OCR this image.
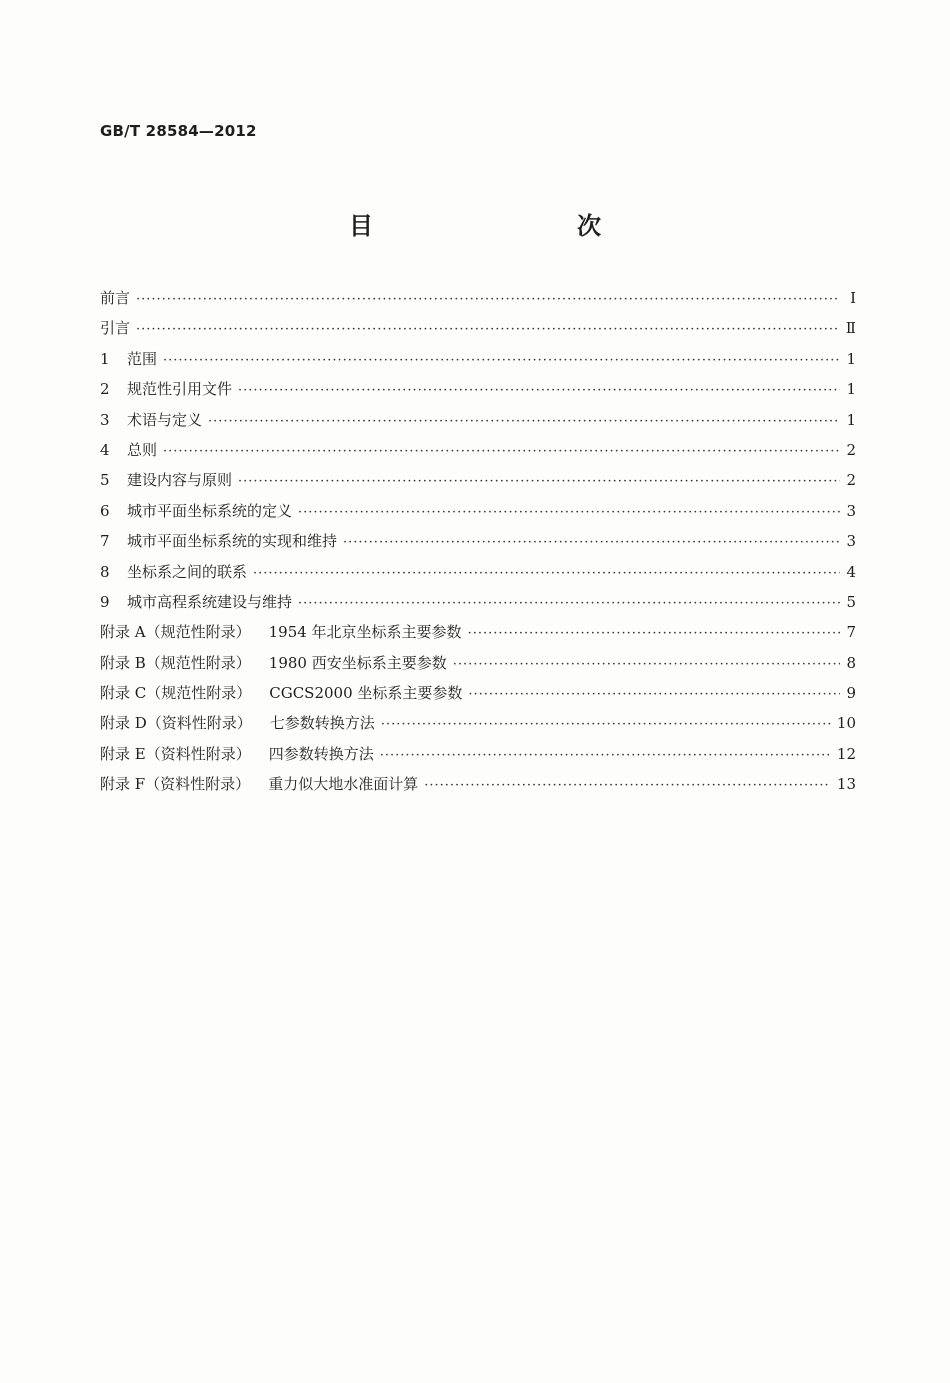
GB/T 28584—2012
目　　次
前言 ·····	Ⅰ
引言 ·····	Ⅱ
1	范围 ·····	1
2	规范性引用文件 ·····	1
3	术语与定义 ·····	1
4	总则 ·····	2
5	建设内容与原则 ·····	2
6	城市平面坐标系统的定义 ·····	3
7	城市平面坐标系统的实现和维持 ·····	3
8	坐标系之间的联系 ·····	4
9	城市高程系统建设与维持 ·····	5
附录 A（规范性附录） 1954 年北京坐标系主要参数 ·····	7
附录 B（规范性附录） 1980 西安坐标系主要参数 ·····	8
附录 C（规范性附录） CGCS2000 坐标系主要参数 ·····	9
附录 D（资料性附录） 七参数转换方法 ·····	10
附录 E（资料性附录） 四参数转换方法 ·····	12
附录 F（资料性附录） 重力似大地水准面计算 ·····	13
